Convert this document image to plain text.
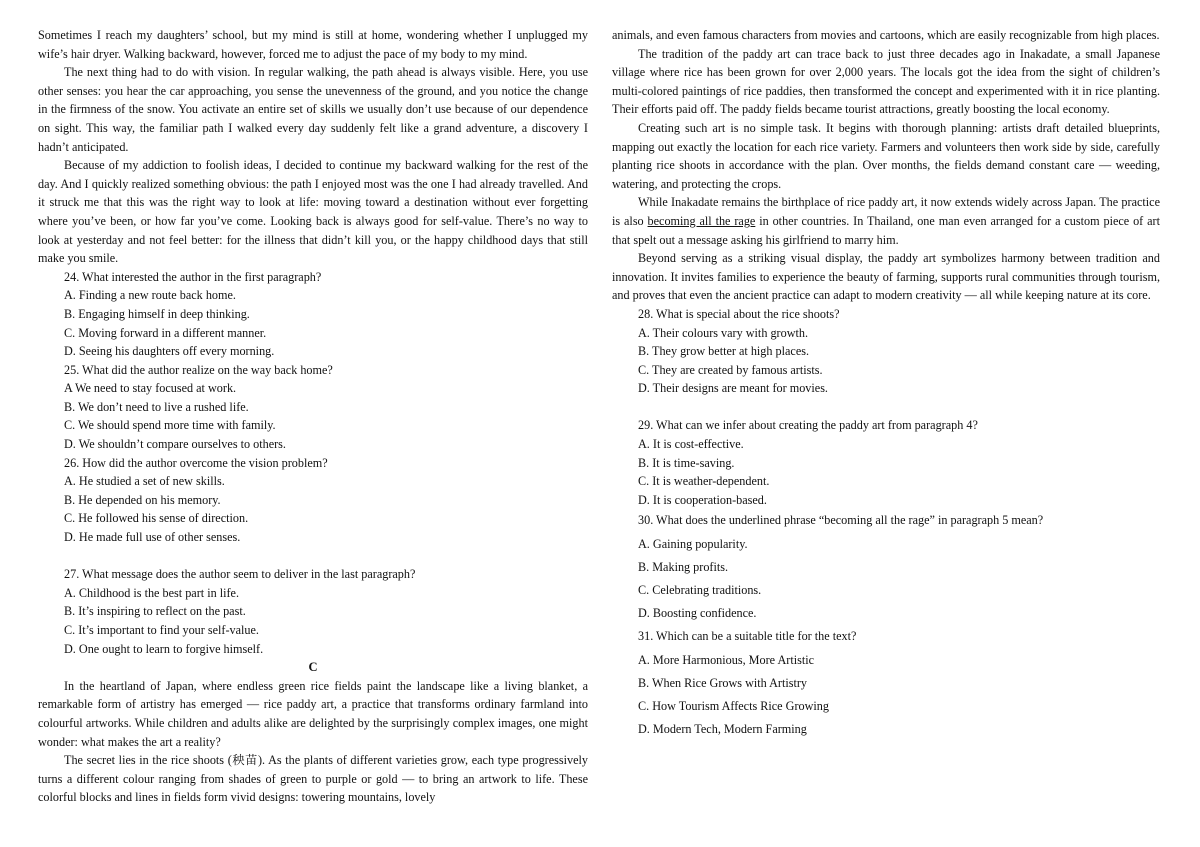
Sometimes I reach my daughters’ school, but my mind is still at home, wondering whether I unplugged my wife’s hair dryer. Walking backward, however, forced me to adjust the pace of my body to my mind.

The next thing had to do with vision. In regular walking, the path ahead is always visible. Here, you use other senses: you hear the car approaching, you sense the unevenness of the ground, and you notice the change in the firmness of the snow. You activate an entire set of skills we usually don’t use because of our dependence on sight. This way, the familiar path I walked every day suddenly felt like a grand adventure, a discovery I hadn’t anticipated.

Because of my addiction to foolish ideas, I decided to continue my backward walking for the rest of the day. And I quickly realized something obvious: the path I enjoyed most was the one I had already travelled. And it struck me that this was the right way to look at life: moving toward a destination without ever forgetting where you’ve been, or how far you’ve come. Looking back is always good for self-value. There’s no way to look at yesterday and not feel better: for the illness that didn’t kill you, or the happy childhood days that still make you smile.

24. What interested the author in the first paragraph?

A. Finding a new route back home.

B. Engaging himself in deep thinking.

C. Moving forward in a different manner.

D. Seeing his daughters off every morning.

25. What did the author realize on the way back home?

A We need to stay focused at work.

B. We don’t need to live a rushed life.

C. We should spend more time with family.

D. We shouldn’t compare ourselves to others.

26. How did the author overcome the vision problem?

A. He studied a set of new skills.

B. He depended on his memory.

C. He followed his sense of direction.

D. He made full use of other senses.

27. What message does the author seem to deliver in the last paragraph?

A. Childhood is the best part in life.

B. It’s inspiring to reflect on the past.

C. It’s important to find your self-value.

D. One ought to learn to forgive himself.

C

In the heartland of Japan, where endless green rice fields paint the landscape like a living blanket, a remarkable form of artistry has emerged — rice paddy art, a practice that transforms ordinary farmland into colourful artworks. While children and adults alike are delighted by the surprisingly complex images, one might wonder: what makes the art a reality?

The secret lies in the rice shoots (秧苗). As the plants of different varieties grow, each type progressively turns a different colour ranging from shades of green to purple or gold — to bring an artwork to life. These colorful blocks and lines in fields form vivid designs: towering mountains, lovely

animals, and even famous characters from movies and cartoons, which are easily recognizable from high places.

The tradition of the paddy art can trace back to just three decades ago in Inakadate, a small Japanese village where rice has been grown for over 2,000 years. The locals got the idea from the sight of children’s multi-colored paintings of rice paddies, then transformed the concept and experimented with it in rice planting. Their efforts paid off. The paddy fields became tourist attractions, greatly boosting the local economy.

Creating such art is no simple task. It begins with thorough planning: artists draft detailed blueprints, mapping out exactly the location for each rice variety. Farmers and volunteers then work side by side, carefully planting rice shoots in accordance with the plan. Over months, the fields demand constant care — weeding, watering, and protecting the crops.

While Inakadate remains the birthplace of rice paddy art, it now extends widely across Japan. The practice is also becoming all the rage in other countries. In Thailand, one man even arranged for a custom piece of art that spelt out a message asking his girlfriend to marry him.

Beyond serving as a striking visual display, the paddy art symbolizes harmony between tradition and innovation. It invites families to experience the beauty of farming, supports rural communities through tourism, and proves that even the ancient practice can adapt to modern creativity — all while keeping nature at its core.

28. What is special about the rice shoots?

A. Their colours vary with growth.

B. They grow better at high places.

C. They are created by famous artists.

D. Their designs are meant for movies.

29. What can we infer about creating the paddy art from paragraph 4?

A. It is cost-effective.

B. It is time-saving.

C. It is weather-dependent.

D. It is cooperation-based.

30. What does the underlined phrase “becoming all the rage” in paragraph 5 mean?

A. Gaining popularity.

B. Making profits.

C. Celebrating traditions.

D. Boosting confidence.

31. Which can be a suitable title for the text?

A. More Harmonious, More Artistic

B. When Rice Grows with Artistry

C. How Tourism Affects Rice Growing

D. Modern Tech, Modern Farming
